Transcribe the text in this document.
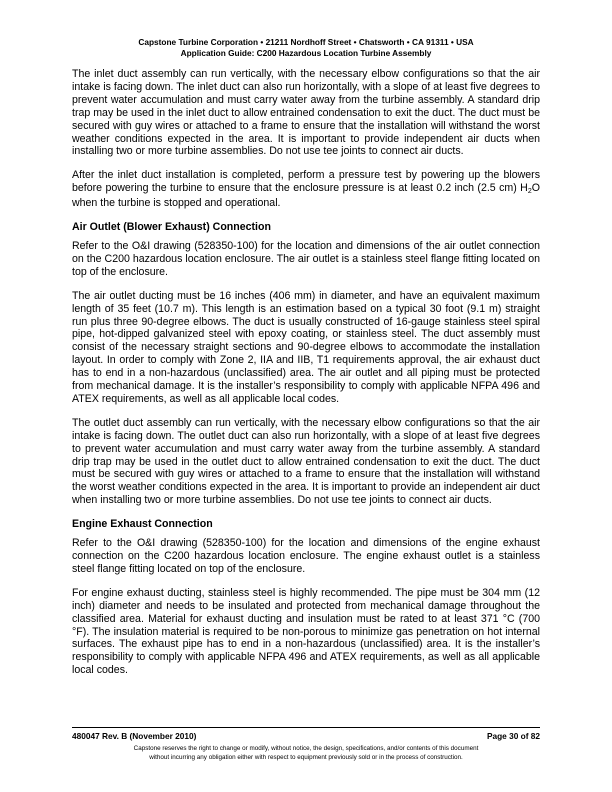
Capstone Turbine Corporation • 21211 Nordhoff Street • Chatsworth • CA 91311 • USA
Application Guide: C200 Hazardous Location Turbine Assembly

The inlet duct assembly can run vertically, with the necessary elbow configurations so that the air intake is facing down. The inlet duct can also run horizontally, with a slope of at least five degrees to prevent water accumulation and must carry water away from the turbine assembly. A standard drip trap may be used in the inlet duct to allow entrained condensation to exit the duct. The duct must be secured with guy wires or attached to a frame to ensure that the installation will withstand the worst weather conditions expected in the area. It is important to provide independent air ducts when installing two or more turbine assemblies. Do not use tee joints to connect air ducts.

After the inlet duct installation is completed, perform a pressure test by powering up the blowers before powering the turbine to ensure that the enclosure pressure is at least 0.2 inch (2.5 cm) $H_2O$ when the turbine is stopped and operational.

Air Outlet (Blower Exhaust) Connection

Refer to the O&I drawing (528350-100) for the location and dimensions of the air outlet connection on the C200 hazardous location enclosure. The air outlet is a stainless steel flange fitting located on top of the enclosure.

The air outlet ducting must be 16 inches (406 mm) in diameter, and have an equivalent maximum length of 35 feet (10.7 m). This length is an estimation based on a typical 30 foot (9.1 m) straight run plus three 90-degree elbows. The duct is usually constructed of 16-gauge stainless steel spiral pipe, hot-dipped galvanized steel with epoxy coating, or stainless steel. The duct assembly must consist of the necessary straight sections and 90-degree elbows to accommodate the installation layout. In order to comply with Zone 2, IIA and IIB, T1 requirements approval, the air exhaust duct has to end in a non-hazardous (unclassified) area. The air outlet and all piping must be protected from mechanical damage. It is the installer’s responsibility to comply with applicable NFPA 496 and ATEX requirements, as well as all applicable local codes.

The outlet duct assembly can run vertically, with the necessary elbow configurations so that the air intake is facing down. The outlet duct can also run horizontally, with a slope of at least five degrees to prevent water accumulation and must carry water away from the turbine assembly. A standard drip trap may be used in the outlet duct to allow entrained condensation to exit the duct. The duct must be secured with guy wires or attached to a frame to ensure that the installation will withstand the worst weather conditions expected in the area. It is important to provide an independent air duct when installing two or more turbine assemblies. Do not use tee joints to connect air ducts.

Engine Exhaust Connection

Refer to the O&I drawing (528350-100) for the location and dimensions of the engine exhaust connection on the C200 hazardous location enclosure. The engine exhaust outlet is a stainless steel flange fitting located on top of the enclosure.

For engine exhaust ducting, stainless steel is highly recommended. The pipe must be 304 mm (12 inch) diameter and needs to be insulated and protected from mechanical damage throughout the classified area. Material for exhaust ducting and insulation must be rated to at least 371 °C (700 °F). The insulation material is required to be non-porous to minimize gas penetration on hot internal surfaces. The exhaust pipe has to end in a non-hazardous (unclassified) area. It is the installer’s responsibility to comply with applicable NFPA 496 and ATEX requirements, as well as all applicable local codes.

480047 Rev. B (November 2010)	Page 30 of 82
Capstone reserves the right to change or modify, without notice, the design, specifications, and/or contents of this document
without incurring any obligation either with respect to equipment previously sold or in the process of construction.
